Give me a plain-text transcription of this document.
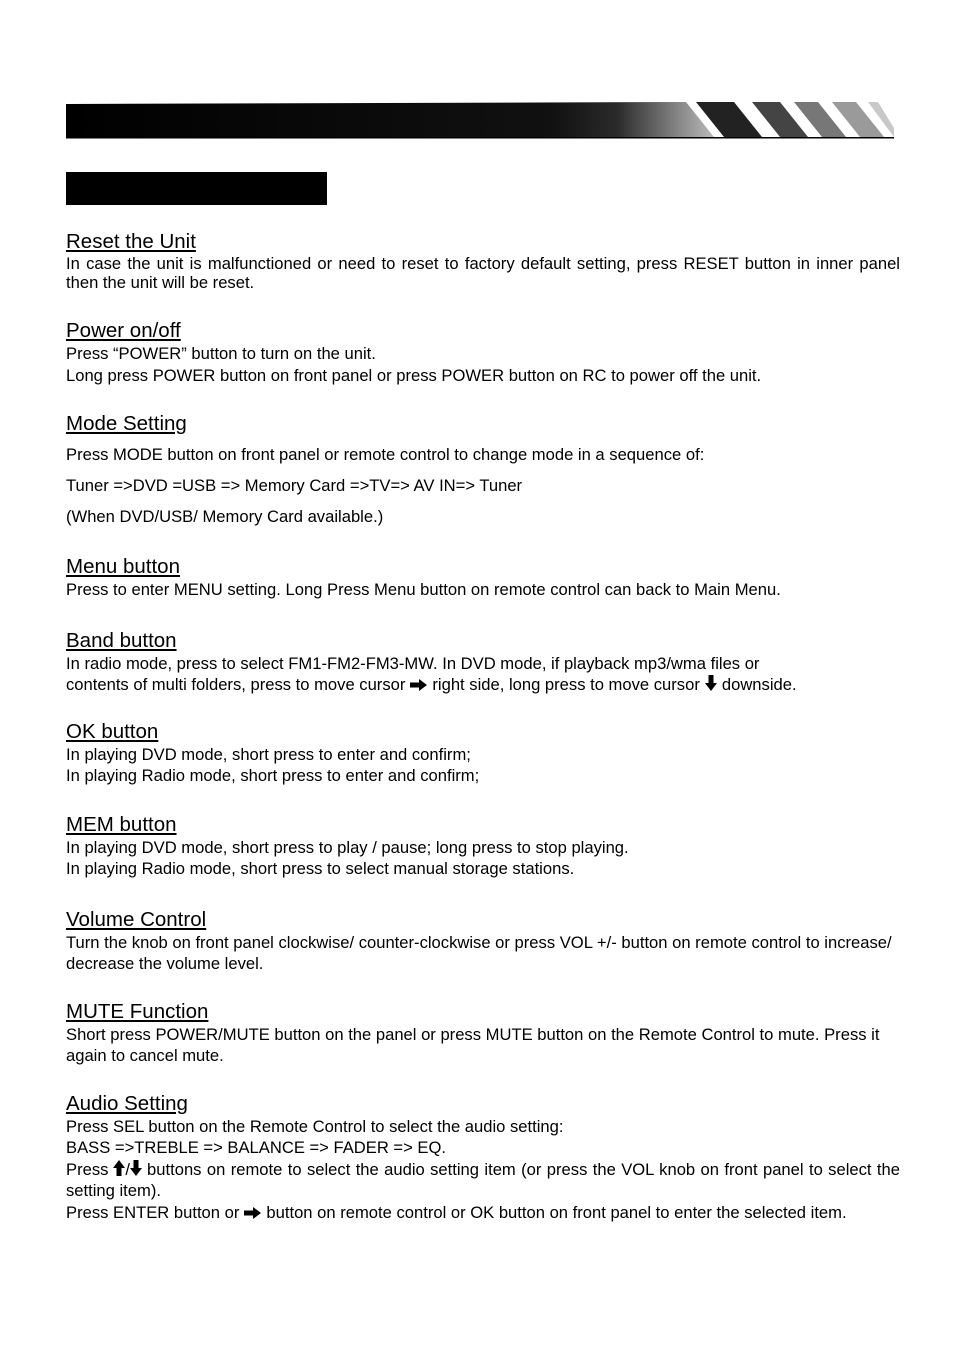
Reset the Unit
In case the unit is malfunctioned or need to reset to factory default setting, press RESET button in inner panel then the unit will be reset.
Power on/off
Press “POWER” button to turn on the unit.
Long press POWER button on front panel or press POWER button on RC to power off the unit.
Mode Setting
Press MODE button on front panel or remote control to change mode in a sequence of:
Tuner =>DVD =USB => Memory Card =>TV=> AV IN=> Tuner
(When DVD/USB/ Memory Card available.)
Menu button
Press to enter MENU setting. Long Press Menu button on remote control can back to Main Menu.
Band button
In radio mode, press to select FM1-FM2-FM3-MW. In DVD mode, if playback mp3/wma files or
contents of multi folders, press to move cursor right side, long press to move cursor downside.
OK button
In playing DVD mode, short press to enter and confirm;
In playing Radio mode, short press to enter and confirm;
MEM button
In playing DVD mode, short press to play / pause; long press to stop playing.
In playing Radio mode, short press to select manual storage stations.
Volume Control
Turn the knob on front panel clockwise/ counter-clockwise or press VOL +/- button on remote control to increase/ decrease the volume level.
MUTE Function
Short press POWER/MUTE button on the panel or press MUTE button on the Remote Control to mute. Press it again to cancel mute.
Audio Setting
Press SEL button on the Remote Control to select the audio setting:
BASS =>TREBLE => BALANCE => FADER => EQ.
Press / buttons on remote to select the audio setting item (or press the VOL knob on front panel to select the setting item).
Press ENTER button or button on remote control or OK button on front panel to enter the selected item.
